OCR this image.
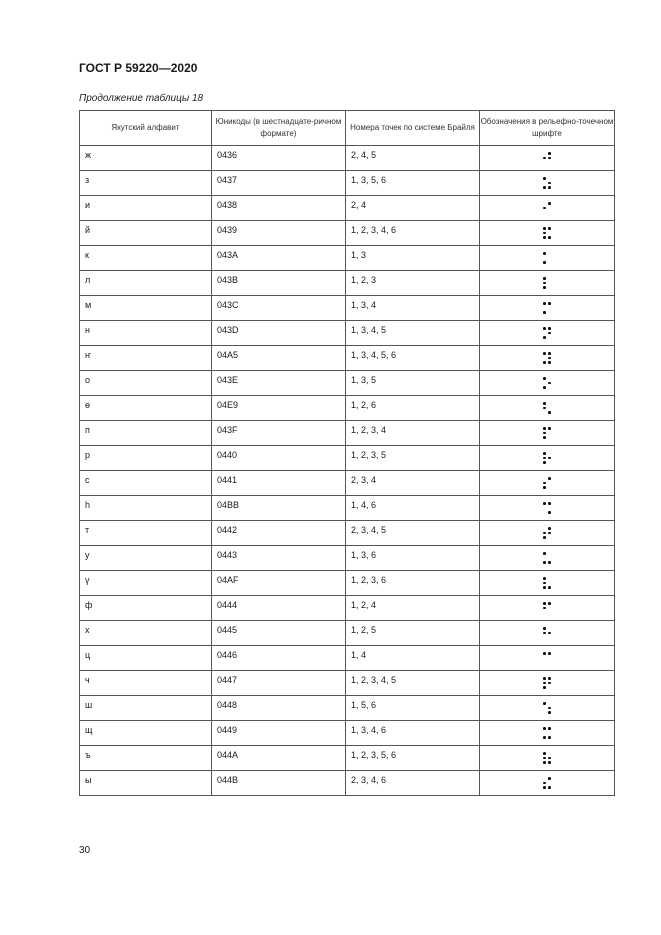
ГОСТ Р 59220—2020
Продолжение таблицы 18
Якутский алфавит	Юникоды (в шестнадцате-ричном формате)	Номера точек по системе Брайля	Обозначения в рельефно-точечном шрифте
ж	0436	2, 4, 5	

з	0437	1, 3, 5, 6	

и	0438	2, 4	

й	0439	1, 2, 3, 4, 6	

к	043A	1, 3	

л	043B	1, 2, 3	

м	043C	1, 3, 4	

н	043D	1, 3, 4, 5	

ҥ	04A5	1, 3, 4, 5, 6	

о	043E	1, 3, 5	

ө	04E9	1, 2, 6	

п	043F	1, 2, 3, 4	

р	0440	1, 2, 3, 5	

с	0441	2, 3, 4	

һ	04BB	1, 4, 6	

т	0442	2, 3, 4, 5	

у	0443	1, 3, 6	

ү	04AF	1, 2, 3, 6	

ф	0444	1, 2, 4	

х	0445	1, 2, 5	

ц	0446	1, 4	

ч	0447	1, 2, 3, 4, 5	

ш	0448	1, 5, 6	

щ	0449	1, 3, 4, 6	

ъ	044A	1, 2, 3, 5, 6	

ы	044B	2, 3, 4, 6	
30
